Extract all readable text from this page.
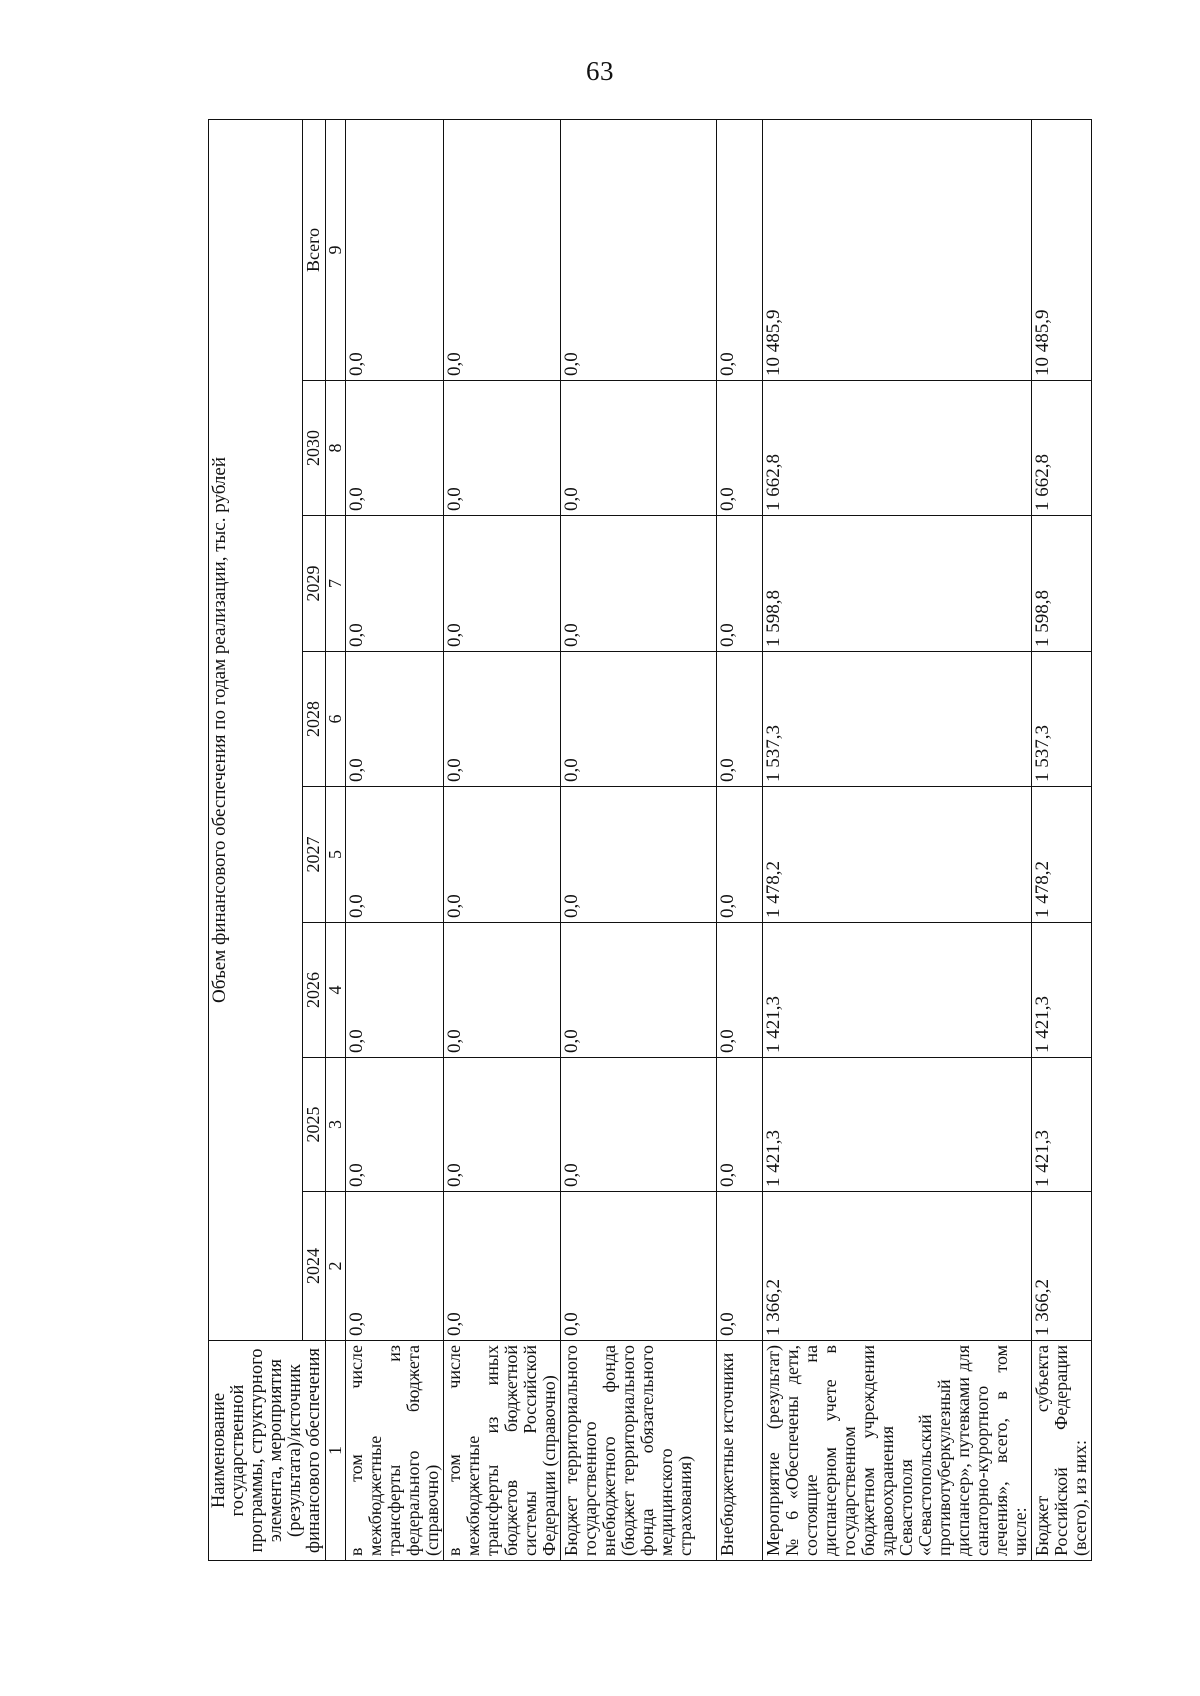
63
Наименование государственной программы, структурного элемента, мероприятия (результата)/источник финансового обеспечения	Объем финансового обеспечения по годам реализации, тыс. рублей							
	2024	2025	2026	2027	2028	2029	2030	Всего
1	2	3	4	5	6	7	8	9
в том числе межбюджетные трансферты из федерального бюджета (справочно)	0,0	0,0	0,0	0,0	0,0	0,0	0,0	0,0
в том числе межбюджетные трансферты из иных бюджетов бюджетной системы Российской Федерации (справочно)	0,0	0,0	0,0	0,0	0,0	0,0	0,0	0,0
Бюджет территориального государственного внебюджетного фонда (бюджет территориального фонда обязательного медицинского страхования)	0,0	0,0	0,0	0,0	0,0	0,0	0,0	0,0
Внебюджетные источники	0,0	0,0	0,0	0,0	0,0	0,0	0,0	0,0
Мероприятие (результат) № 6 «Обеспечены дети, состоящие на диспансерном учете в государственном бюджетном учреждении здравоохранения Севастополя «Севастопольский противотуберкулезный диспансер», путевками для санаторно-курортного лечения», всего, в том числе:	1 366,2	1 421,3	1 421,3	1 478,2	1 537,3	1 598,8	1 662,8	10 485,9
Бюджет субъекта Российской Федерации (всего), из них:	1 366,2	1 421,3	1 421,3	1 478,2	1 537,3	1 598,8	1 662,8	10 485,9
